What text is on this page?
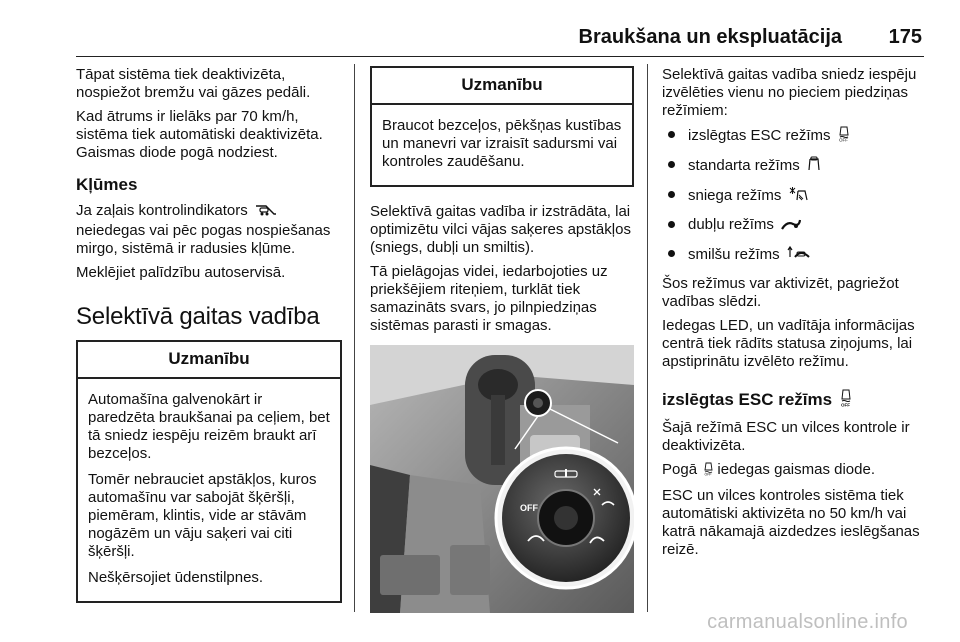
Braukšana un ekspluatācija 175

Tāpat sistēma tiek deaktivizēta, nospiežot bremžu vai gāzes pedāli.

Kad ātrums ir lielāks par 70 km/h, sistēma tiek automātiski deaktivizēta. Gaismas diode pogā nodziest.

Kļūmes

Ja zaļais kontrolindikators  neiedegas vai pēc pogas nospiešanas mirgo, sistēmā ir radusies kļūme.

Meklējiet palīdzību autoservisā.

Selektīvā gaitas vadība
Uzmanību

Automašīna galvenokārt ir paredzēta braukšanai pa ceļiem, bet tā sniedz iespēju reizēm braukt arī bezceļos.

Tomēr nebrauciet apstākļos, kuros automašīnu var sabojāt šķēršļi, piemēram, klintis, vide ar stāvām nogāzēm un vāju saķeri vai citi šķēršļi.

Nešķērsojiet ūdenstilpnes.

Uzmanību

Braucot bezceļos, pēkšņas kustības un manevri var izraisīt sadursmi vai kontroles zaudēšanu.

Selektīvā gaitas vadība ir izstrādāta, lai optimizētu vilci vājas saķeres apstākļos (sniegs, dubļi un smiltis).

Tā pielāgojas videi, iedarbojoties uz priekšējiem riteņiem, turklāt tiek samazināts svars, jo pilnpiedziņas sistēmas parasti ir smagas.

OFF

Selektīvā gaitas vadība sniedz iespēju izvēlēties vienu no pieciem piedziņas režīmiem:

izslēgtas ESC režīms OFF
standarta režīms
sniega režīms
dubļu režīms
smilšu režīms

Šos režīmus var aktivizēt, pagriežot vadības slēdzi.

Iedegas LED, un vadītāja informācijas centrā tiek rādīts statusa ziņojums, lai apstiprinātu izvēlēto režīmu.

izslēgtas ESC režīms OFF

Šajā režīmā ESC un vilces kontrole ir deaktivizēta.

Pogā OFF iedegas gaismas diode.

ESC un vilces kontroles sistēma tiek automātiski aktivizēta no 50 km/h vai katrā nākamajā aizdedzes ieslēgšanas reizē.

carmanualsonline.info
